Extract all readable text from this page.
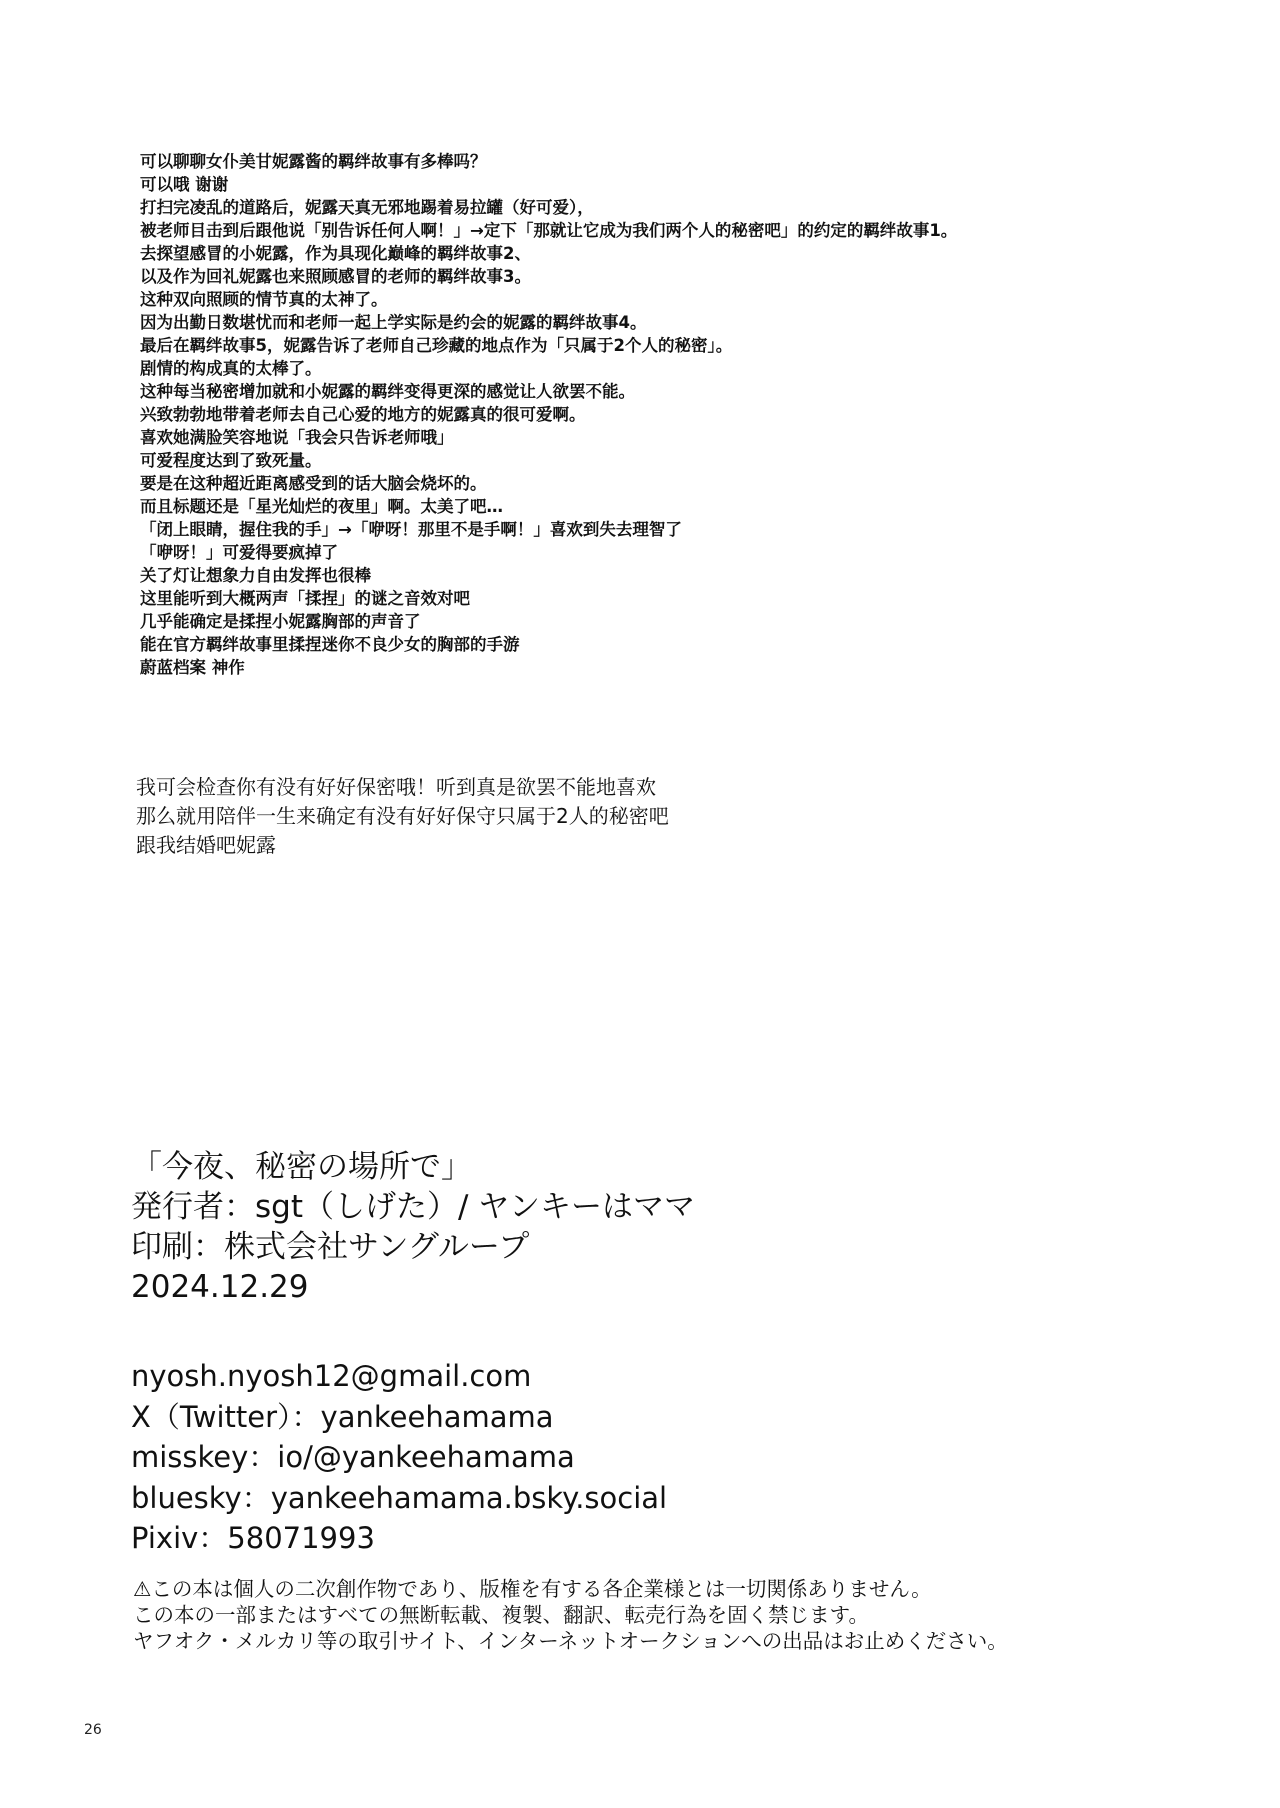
可以聊聊女仆美甘妮露酱的羁绊故事有多棒吗？
可以哦 谢谢
打扫完凌乱的道路后，妮露天真无邪地踢着易拉罐（好可爱），
被老师目击到后跟他说「别告诉任何人啊！」→定下「那就让它成为我们两个人的秘密吧」的约定的羁绊故事1。
去探望感冒的小妮露，作为具现化巅峰的羁绊故事2、
以及作为回礼妮露也来照顾感冒的老师的羁绊故事3。
这种双向照顾的情节真的太神了。
因为出勤日数堪忧而和老师一起上学实际是约会的妮露的羁绊故事4。
最后在羁绊故事5，妮露告诉了老师自己珍藏的地点作为「只属于2个人的秘密」。
剧情的构成真的太棒了。
这种每当秘密增加就和小妮露的羁绊变得更深的感觉让人欲罢不能。
兴致勃勃地带着老师去自己心爱的地方的妮露真的很可爱啊。
喜欢她满脸笑容地说「我会只告诉老师哦」
可爱程度达到了致死量。
要是在这种超近距离感受到的话大脑会烧坏的。
而且标题还是「星光灿烂的夜里」啊。太美了吧…
「闭上眼睛，握住我的手」→「咿呀！那里不是手啊！」喜欢到失去理智了
「咿呀！」可爱得要疯掉了
关了灯让想象力自由发挥也很棒
这里能听到大概两声「揉捏」的谜之音效对吧
几乎能确定是揉捏小妮露胸部的声音了
能在官方羁绊故事里揉捏迷你不良少女的胸部的手游
蔚蓝档案 神作
我可会检查你有没有好好保密哦！听到真是欲罢不能地喜欢
那么就用陪伴一生来确定有没有好好保守只属于2人的秘密吧
跟我结婚吧妮露
「今夜、秘密の場所で」
発行者：sgt（しげた）/ ヤンキーはママ
印刷：株式会社サングループ
2024.12.29
nyosh.nyosh12@gmail.com
X（Twitter）：yankeehamama
misskey：io/@yankeehamama
bluesky：yankeehamama.bsky.social
Pixiv：58071993
⚠この本は個人の二次創作物であり、版権を有する各企業様とは一切関係ありません。
この本の一部またはすべての無断転載、複製、翻訳、転売行為を固く禁じます。
ヤフオク・メルカリ等の取引サイト、インターネットオークションへの出品はお止めください。
26
